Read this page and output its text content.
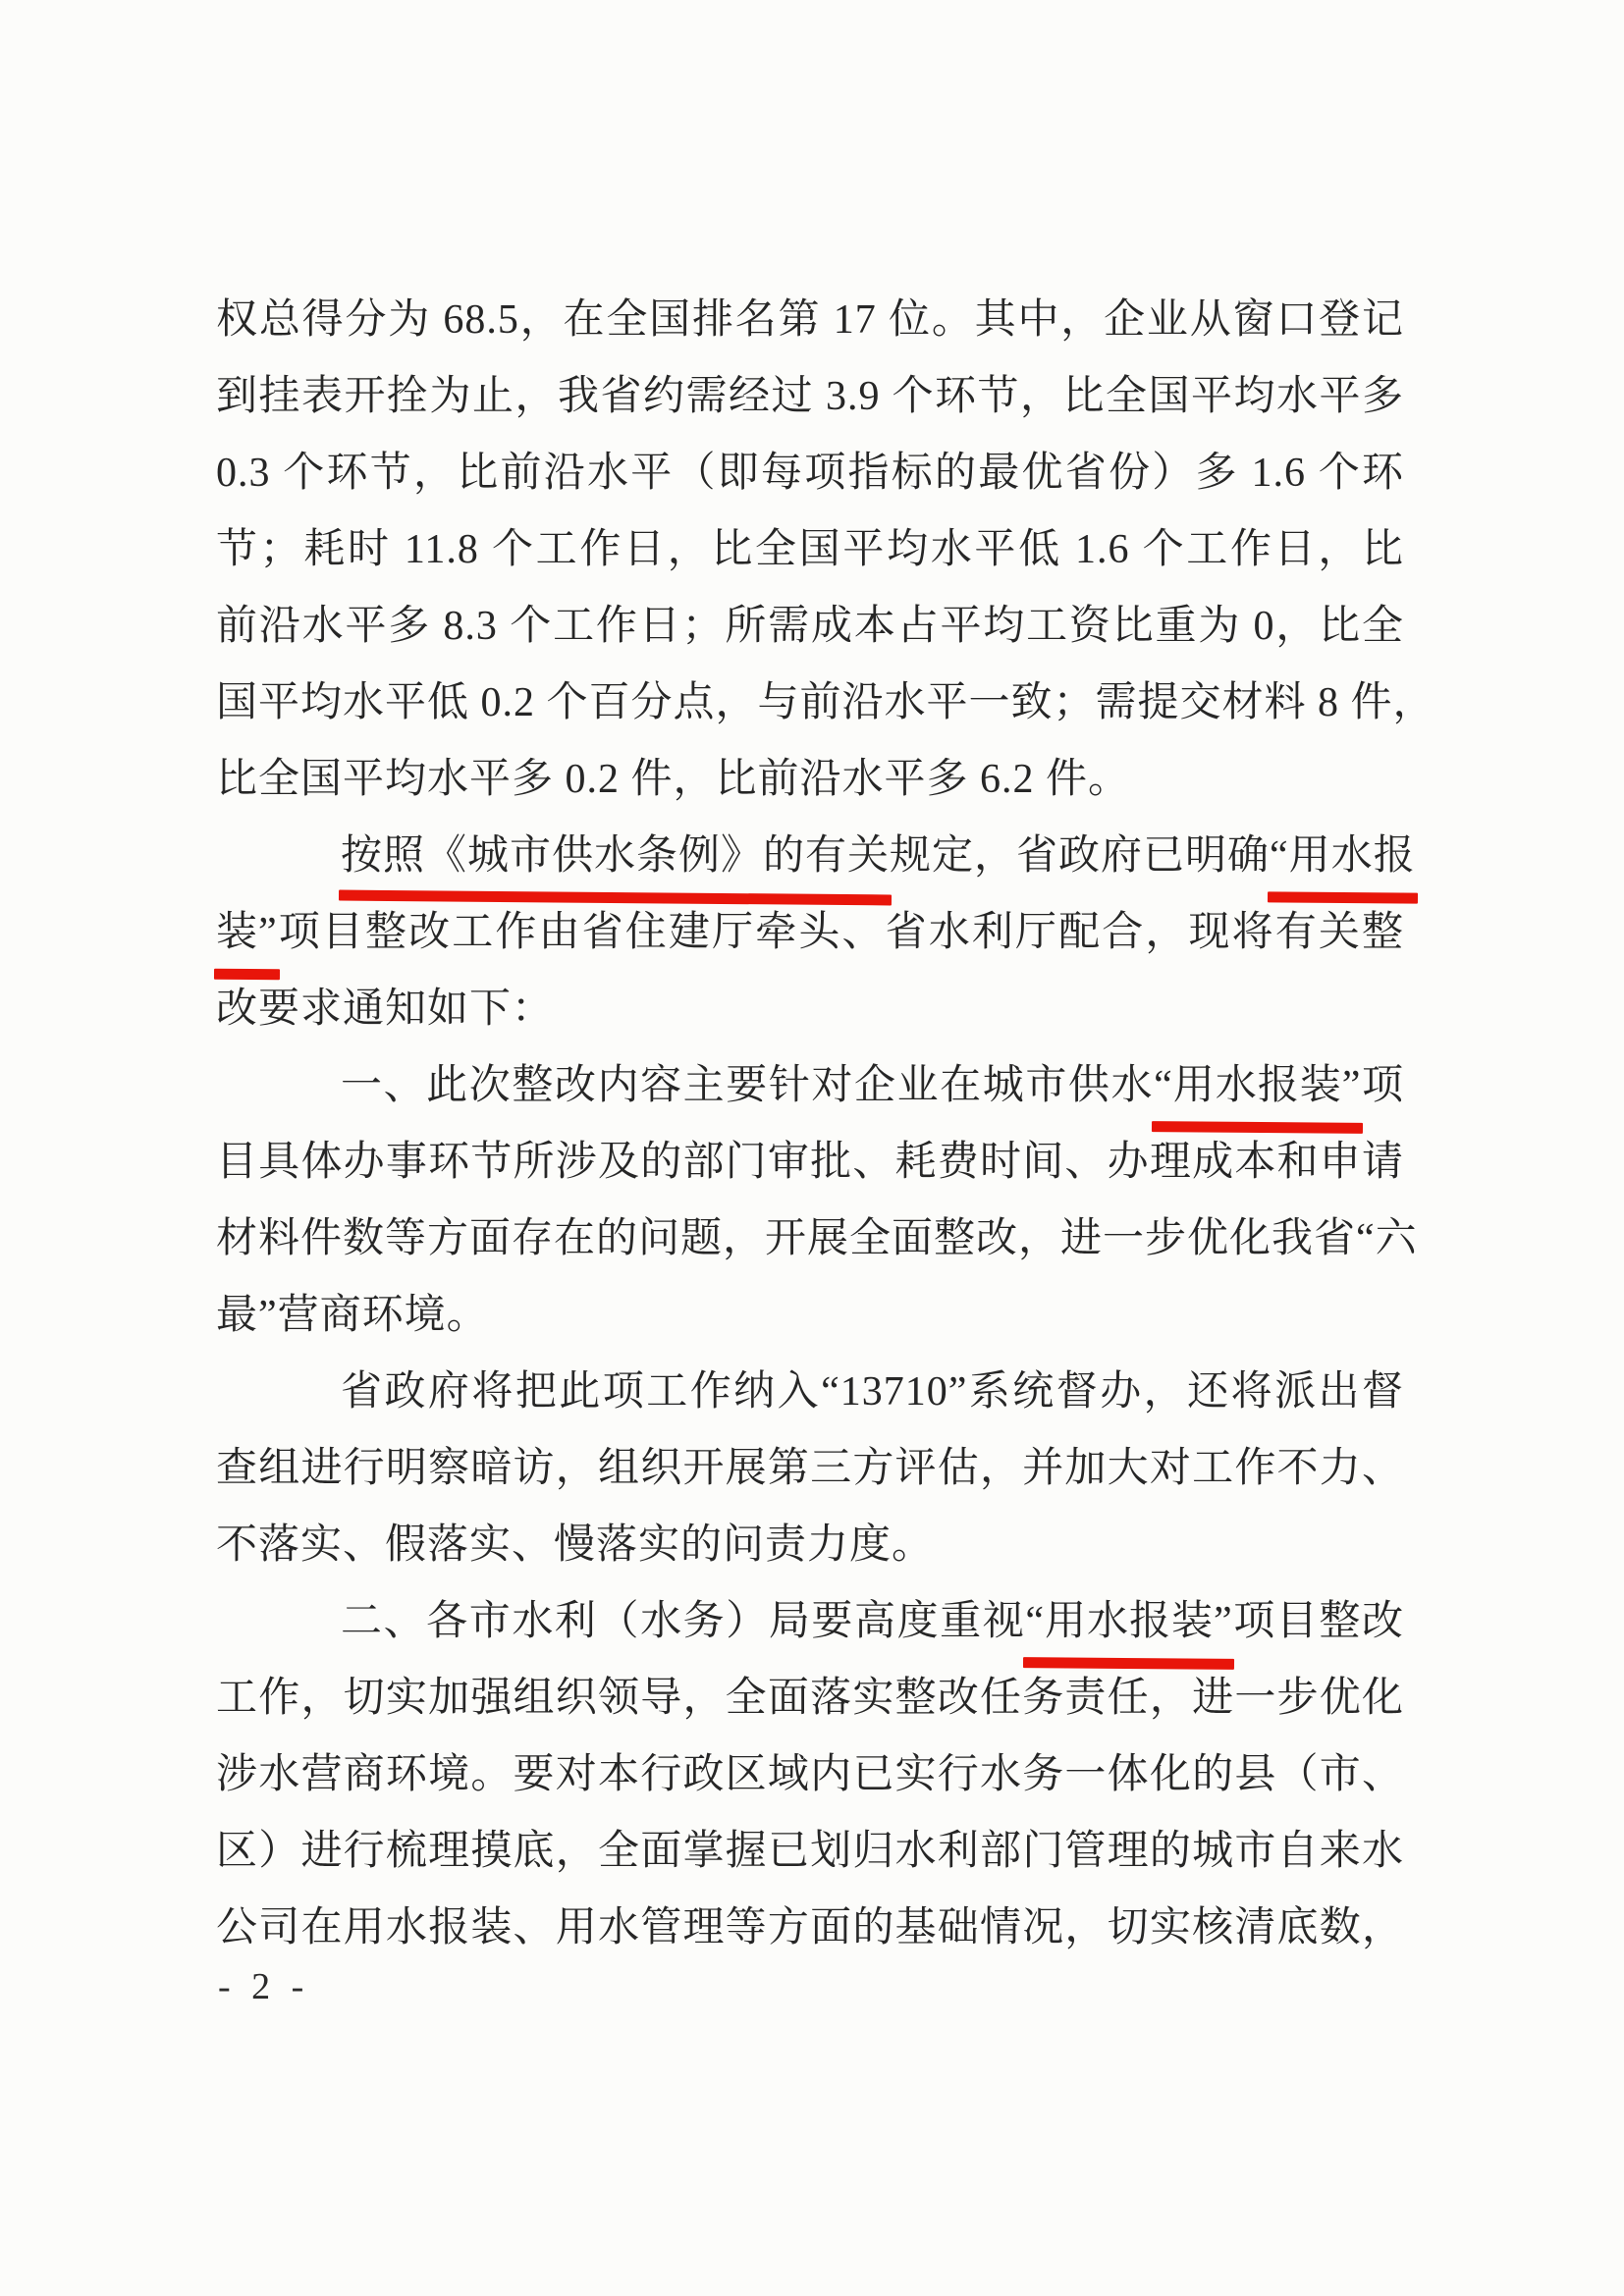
权总得分为 68.5，在全国排名第 17 位。其中，企业从窗口登记
到挂表开拴为止，我省约需经过 3.9 个环节，比全国平均水平多
0.3 个环节，比前沿水平（即每项指标的最优省份）多 1.6 个环
节；耗时 11.8 个工作日，比全国平均水平低 1.6 个工作日，比
前沿水平多 8.3 个工作日；所需成本占平均工资比重为 0，比全
国平均水平低 0.2 个百分点，与前沿水平一致；需提交材料 8 件，
比全国平均水平多 0.2 件，比前沿水平多 6.2 件。
按照《城市供水条例》的有关规定，省政府已明确“用水报
装”项目整改工作由省住建厅牵头、省水利厅配合，现将有关整
改要求通知如下：
一、此次整改内容主要针对企业在城市供水“用水报装”项
目具体办事环节所涉及的部门审批、耗费时间、办理成本和申请
材料件数等方面存在的问题，开展全面整改，进一步优化我省“六
最”营商环境。
省政府将把此项工作纳入“13710”系统督办，还将派出督
查组进行明察暗访，组织开展第三方评估，并加大对工作不力、
不落实、假落实、慢落实的问责力度。
二、各市水利（水务）局要高度重视“用水报装”项目整改
工作，切实加强组织领导，全面落实整改任务责任，进一步优化
涉水营商环境。要对本行政区域内已实行水务一体化的县（市、
区）进行梳理摸底，全面掌握已划归水利部门管理的城市自来水
公司在用水报装、用水管理等方面的基础情况，切实核清底数，
- 2 -
